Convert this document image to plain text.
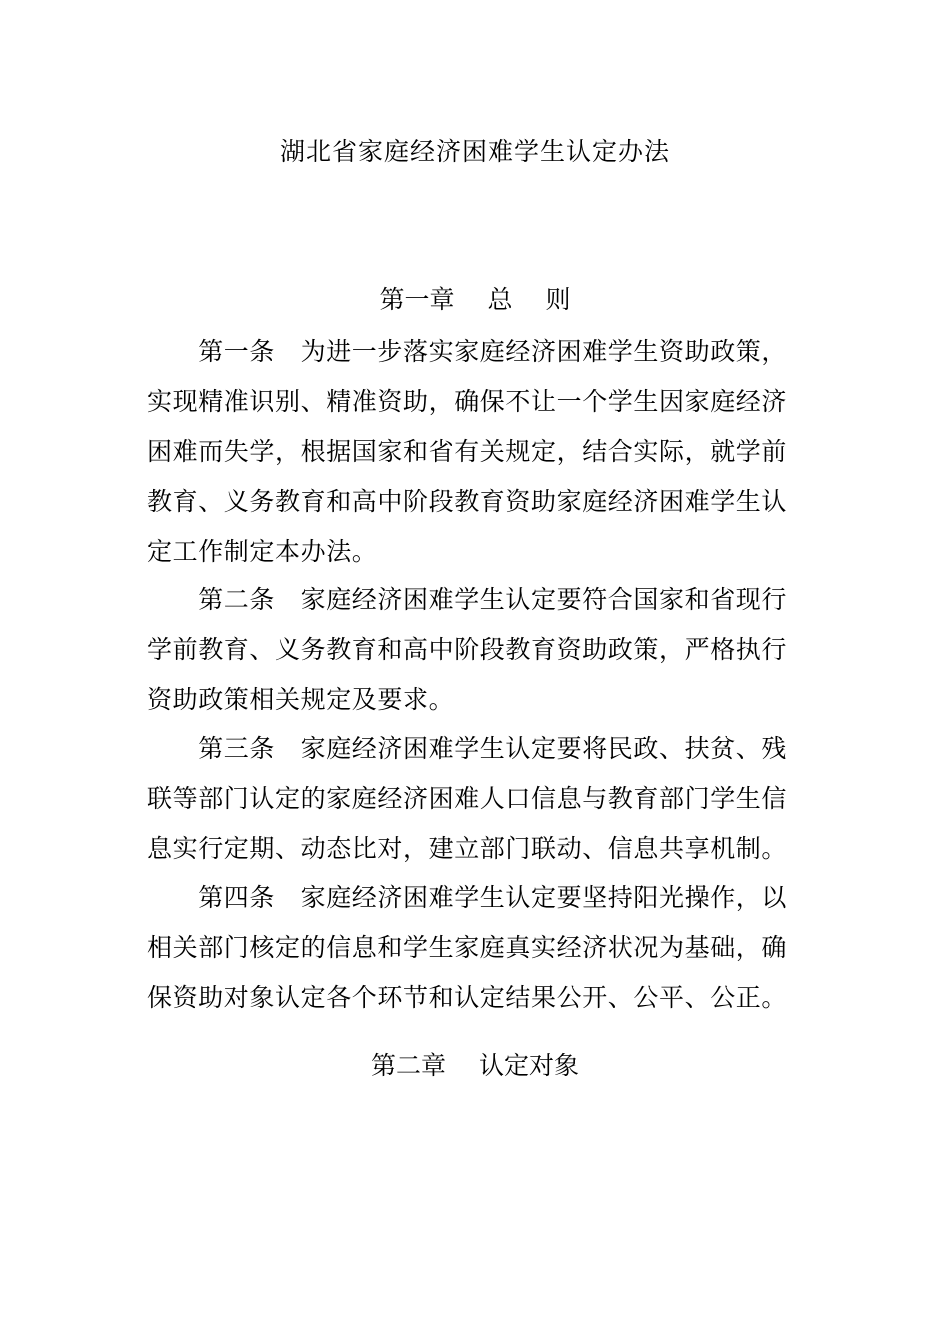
湖北省家庭经济困难学生认定办法
第一章　 总　 则
　　第一条　为进一步落实家庭经济困难学生资助政策，
实现精准识别、精准资助，确保不让一个学生因家庭经济
困难而失学，根据国家和省有关规定，结合实际，就学前
教育、义务教育和高中阶段教育资助家庭经济困难学生认
定工作制定本办法。
　　第二条　家庭经济困难学生认定要符合国家和省现行
学前教育、义务教育和高中阶段教育资助政策，严格执行
资助政策相关规定及要求。
　　第三条　家庭经济困难学生认定要将民政、扶贫、残
联等部门认定的家庭经济困难人口信息与教育部门学生信
息实行定期、动态比对，建立部门联动、信息共享机制。
　　第四条　家庭经济困难学生认定要坚持阳光操作，以
相关部门核定的信息和学生家庭真实经济状况为基础，确
保资助对象认定各个环节和认定结果公开、公平、公正。
第二章　 认定对象
